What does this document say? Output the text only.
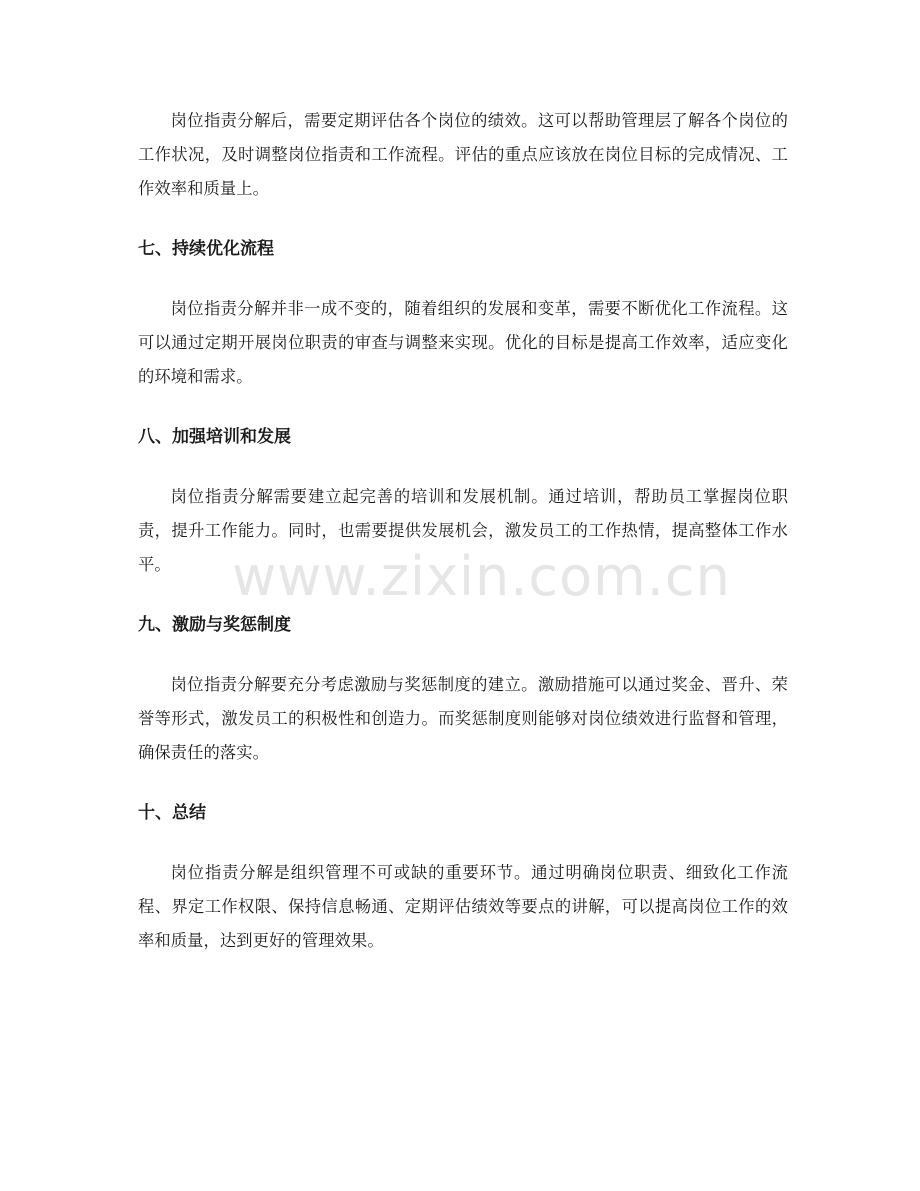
岗位指责分解后，需要定期评估各个岗位的绩效。这可以帮助管理层了解各个岗位的工作状况，及时调整岗位指责和工作流程。评估的重点应该放在岗位目标的完成情况、工作效率和质量上。

七、持续优化流程

岗位指责分解并非一成不变的，随着组织的发展和变革，需要不断优化工作流程。这可以通过定期开展岗位职责的审查与调整来实现。优化的目标是提高工作效率，适应变化的环境和需求。

八、加强培训和发展

岗位指责分解需要建立起完善的培训和发展机制。通过培训，帮助员工掌握岗位职责，提升工作能力。同时，也需要提供发展机会，激发员工的工作热情，提高整体工作水平。

九、激励与奖惩制度

岗位指责分解要充分考虑激励与奖惩制度的建立。激励措施可以通过奖金、晋升、荣誉等形式，激发员工的积极性和创造力。而奖惩制度则能够对岗位绩效进行监督和管理，确保责任的落实。

十、总结

岗位指责分解是组织管理不可或缺的重要环节。通过明确岗位职责、细致化工作流程、界定工作权限、保持信息畅通、定期评估绩效等要点的讲解，可以提高岗位工作的效率和质量，达到更好的管理效果。

www.zixin.com.cn
